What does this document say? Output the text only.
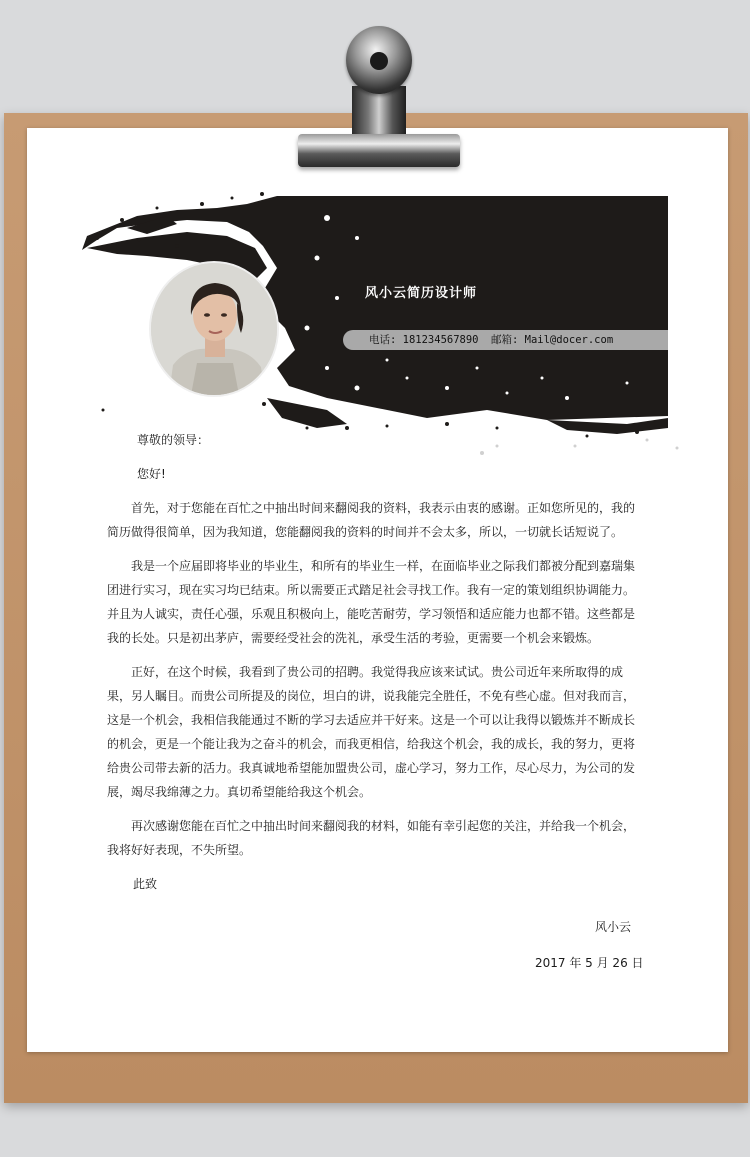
风小云简历设计师
电话: 181234567890 邮箱: Mail@docer.com

尊敬的领导：

您好!

首先，对于您能在百忙之中抽出时间来翻阅我的资料，我表示由衷的感谢。正如您所见的，我的简历做得很简单，因为我知道，您能翻阅我的资料的时间并不会太多，所以，一切就长话短说了。

我是一个应届即将毕业的毕业生，和所有的毕业生一样，在面临毕业之际我们都被分配到嘉瑞集团进行实习，现在实习均已结束。所以需要正式踏足社会寻找工作。我有一定的策划组织协调能力。并且为人诚实，责任心强，乐观且积极向上，能吃苦耐劳，学习领悟和适应能力也都不错。这些都是我的长处。只是初出茅庐，需要经受社会的洗礼，承受生活的考验，更需要一个机会来锻炼。

正好，在这个时候，我看到了贵公司的招聘。我觉得我应该来试试。贵公司近年来所取得的成果，另人瞩目。而贵公司所提及的岗位，坦白的讲，说我能完全胜任，不免有些心虚。但对我而言，这是一个机会，我相信我能通过不断的学习去适应并干好来。这是一个可以让我得以锻炼并不断成长的机会，更是一个能让我为之奋斗的机会，而我更相信，给我这个机会，我的成长，我的努力，更将给贵公司带去新的活力。我真诚地希望能加盟贵公司，虚心学习，努力工作，尽心尽力，为公司的发展，竭尽我绵薄之力。真切希望能给我这个机会。

再次感谢您能在百忙之中抽出时间来翻阅我的材料，如能有幸引起您的关注，并给我一个机会，我将好好表现，不失所望。

此致

风小云
2017 年 5 月 26 日
